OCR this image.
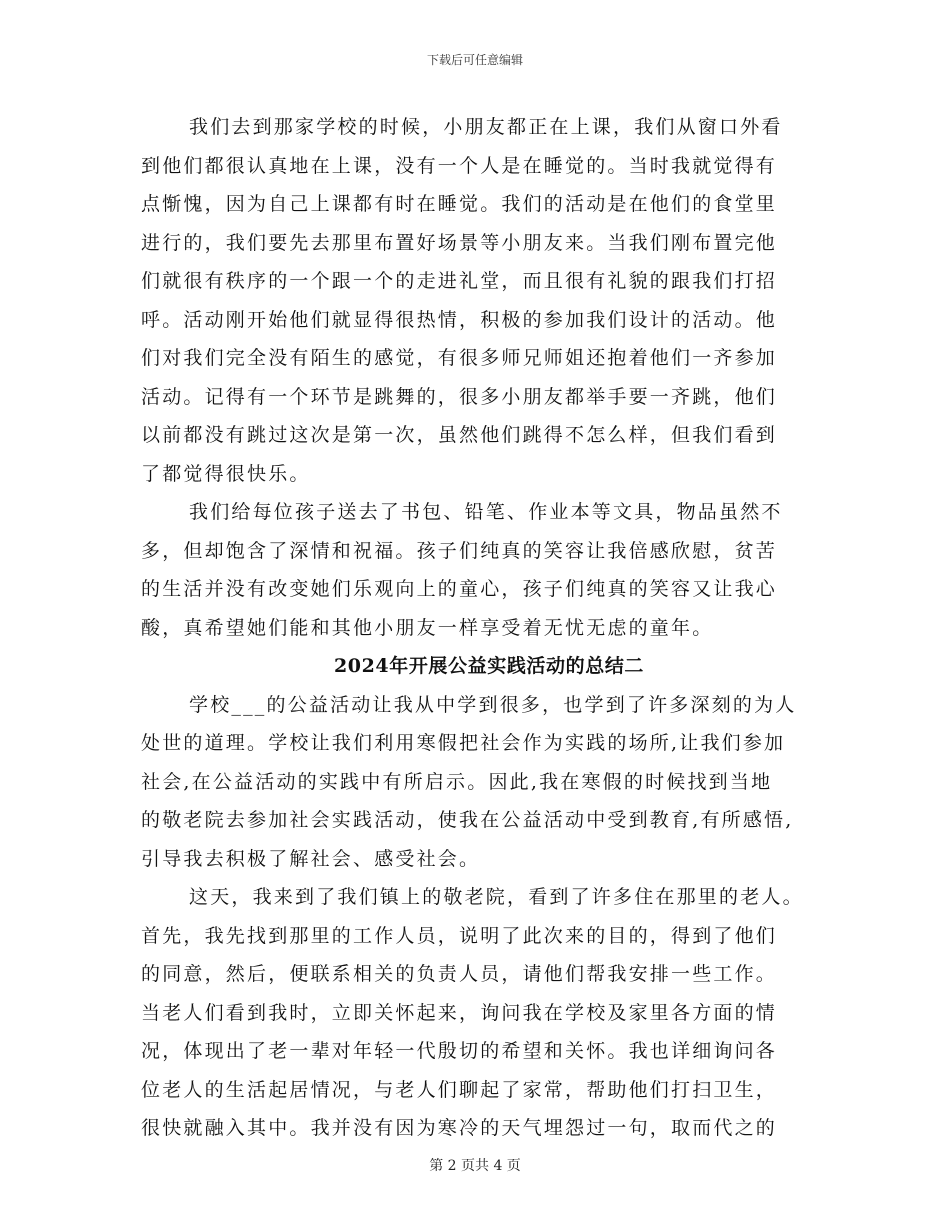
下载后可任意编辑
我们去到那家学校的时候，小朋友都正在上课，我们从窗口外看
到他们都很认真地在上课，没有一个人是在睡觉的。当时我就觉得有
点惭愧，因为自己上课都有时在睡觉。我们的活动是在他们的食堂里
进行的，我们要先去那里布置好场景等小朋友来。当我们刚布置完他
们就很有秩序的一个跟一个的走进礼堂，而且很有礼貌的跟我们打招
呼。活动刚开始他们就显得很热情，积极的参加我们设计的活动。他
们对我们完全没有陌生的感觉，有很多师兄师姐还抱着他们一齐参加
活动。记得有一个环节是跳舞的，很多小朋友都举手要一齐跳，他们
以前都没有跳过这次是第一次，虽然他们跳得不怎么样，但我们看到
了都觉得很快乐。
我们给每位孩子送去了书包、铅笔、作业本等文具，物品虽然不
多，但却饱含了深情和祝福。孩子们纯真的笑容让我倍感欣慰，贫苦
的生活并没有改变她们乐观向上的童心，孩子们纯真的笑容又让我心
酸，真希望她们能和其他小朋友一样享受着无忧无虑的童年。
2024年开展公益实践活动的总结二
学校___的公益活动让我从中学到很多，也学到了许多深刻的为人
处世的道理。学校让我们利用寒假把社会作为实践的场所,让我们参加
社会,在公益活动的实践中有所启示。因此,我在寒假的时候找到当地
的敬老院去参加社会实践活动，使我在公益活动中受到教育,有所感悟,
引导我去积极了解社会、感受社会。
这天，我来到了我们镇上的敬老院，看到了许多住在那里的老人。
首先，我先找到那里的工作人员，说明了此次来的目的，得到了他们
的同意，然后，便联系相关的负责人员，请他们帮我安排一些工作。
当老人们看到我时，立即关怀起来，询问我在学校及家里各方面的情
况，体现出了老一辈对年轻一代殷切的希望和关怀。我也详细询问各
位老人的生活起居情况，与老人们聊起了家常，帮助他们打扫卫生，
很快就融入其中。我并没有因为寒冷的天气埋怨过一句，取而代之的
第 2 页共 4 页
